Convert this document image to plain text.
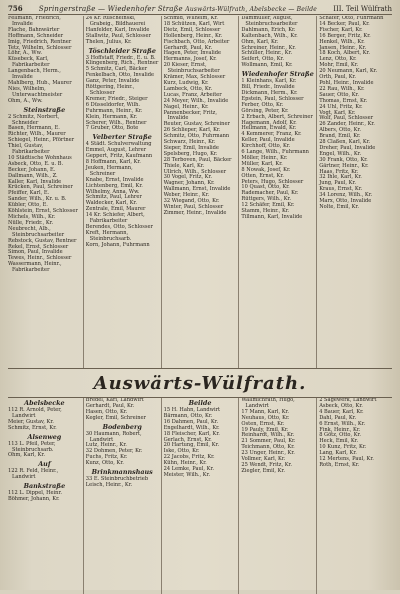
756	Springerstraße — Wiedenhofer Straße Auswärts-Wülfrath, Abelsbecke — Beilde	III. Teil Wülfrath
Fellmann, Friedrich, Invalide
Flache, Bahnwärter
Hoffmann, Schneider
Imig, Friedrich, Rentner
Tetz, Wilhelm, Schlosser
Löhr, A., Ww.
Küsebeck, Karl, Fabrikarbeiter
Langenbach, Herm., Invalide
Mahlberg, Hub., Maurer
Nies, Wilhelm, Unterwachtmeister
Ohm, A., Ww.
Steinstraße
2 Schmitz, Norbert, Schneider
Basen, Hermann, E.
Richter, Wilh., Maurer
Schiegel, Heinr., Pförtner
Thiel, Gustav, Fabrikarbeiter
10 Städtische Wohnhaus
Asbeck, Otto, E. u. B.
Becker, Johann, E.
Dallmann, Wilh., Z.
Kaller, Karl, Invalide
Krücken, Paul, Schreiner
Pfeiffer, Karl, E.
Sander, Wilh., Kr. u. B.
Kübler, Otto, E.
Köhlstein, Ernst, Schlosser
Michels, Wilh., Kr.
Nülle, Friedr., Kr.
Neubrecht, Alb., Steinbruchsarbeiter
Rebstock, Gustav, Rentner
Rekel, Ernst, Schlosser
Simon, Paul, Invalide
Tewes, Heinr., Schlosser
Wassermann, Heinr., Fabrikarbeiter
24 Kr. Ruscheinski, Grabeig., Bildhauerei
Hanfelder, Karl, Invalide
Stallwitz, Paul, Schlosser
Thelen, Julius, Kr.
Töschleider Straße
3 Hoffstaff, Friedr., E. u. B.
Klingenberg, Rich., Rentner
5 Schmitz, Carl, Bäcker
Fenkelbach, Otto, Invalide
Ganz, Peter, Invalide
Röttgering, Heinr., Schlosser
Kremer, Friedr., Steiger
6 Düsseldorfer, Wilh.
Fuhrmann, Heinr., Kr.
Klein, Hermann, Kr.
Scherer, Wilh., Rentner
7 Gruber, Otto, Bote
Velberter Straße
4 Städt. Schulverwaltung
Emmel, August, Lehrer
Geppert, Fritz, Kaufmann
8 Hoffmann, Karl, Kr.
Jeuken, Hermann, Schreiner
Knabe, Ernst, Invalide
Lichtenberg, Emil, Kr.
Wilhelmy, Anna, Ww.
Schmitz, Paul, Lehrer
Waldecker, Karl, Kr.
Zentrale, Emil, Maurer
14 Kr. Schiefer, Albert, Fabrikarbeiter
Berendes, Otto, Schlosser
Kreft, Hermann, Steinbruchsarb.
Korn, Johann, Fuhrmann
Schmid, Wilhelm, Kr.
18 Schützen, Karl, Wirt
Dietz, Emil, Schlosser
Hollenberg, Heinr., Kr.
Fischbach, Otto, Arbeiter
Gerhardt, Paul, Kr.
Hagen, Peter, Invalide
Hermanns, Josef, Kr.
20 Kieser, Ernst, Steinbruchsarbeiter
Krämer, Max, Schlosser
Kurz, Ludwig, Kr.
Lambeck, Otto, Kr.
Lucas, Franz, Arbeiter
24 Meyer, Wilh., Invalide
Nagel, Heinr., Kr.
Pannenbecker, Fritz, Invalide
Reuter, Gustav, Schreiner
26 Schlieper, Karl, Kr.
Schmitz, Otto, Fuhrmann
Schwarz, Heinr., Kr.
Sieper, Emil, Invalide
Spelsberg, Hugo, Kr.
28 Terboven, Paul, Bäcker
Thiele, Karl, Kr.
Ullrich, Wilh., Schlosser
30 Vogel, Fritz, Kr.
Wagner, Johann, Kr.
Wallmann, Ernst, Invalide
Weber, Heinr., Kr.
32 Wiegand, Otto, Kr.
Winter, Paul, Schlosser
Zimmer, Heinr., Invalide
Dammüller, August, Steinbruchsarbeiter
Dahlmann, Erich, Kr.
Kaltenbach, Wilh., Kr.
Ohm, Karl, Kr.
Schreiner, Heinr., Kr.
Schüller, Heinr., Kr.
Seifert, Otto, Kr.
Wollmann, Emil, Kr.
Wiedenhofer Straße
1 Kleinhans, Karl, Kr.
Bill, Friedr., Invalide
Dickmann, Herm., Kr.
Epstein, Paul, Schlosser
Ferber, Otto, Kr.
Görsing, Peter, Kr.
2 Erbach, Albert, Schreiner
Hagemann, Adolf, Kr.
Hellmann, Ewald, Kr.
4 Kemmerer, Franz, Kr.
Keller, Paul, Invalide
Kirchhoff, Otto, Kr.
6 Lange, Wilh., Fuhrmann
Möller, Heinr., Kr.
Müller, Karl, Kr.
8 Nowak, Josef, Kr.
Otten, Ernst, Kr.
Peters, Hugo, Schlosser
10 Quast, Otto, Kr.
Rademacher, Paul, Kr.
Rüttgers, Wilh., Kr.
12 Schäfer, Emil, Kr.
Stamm, Heinr., Kr.
Tillmann, Karl, Invalide
Schäfer, Otto, Fuhrmann
14 Becker, Paul, Kr.
Fischer, Karl, Kr.
16 Berger, Fritz, Kr.
Henkel, Wilh., Kr.
Jansen, Heinr., Kr.
18 Koch, Albert, Kr.
Lenz, Otto, Kr.
Mohr, Emil, Kr.
20 Neumann, Karl, Kr.
Orth, Paul, Kr.
Pohl, Heinr., Invalide
22 Rau, Wilh., Kr.
Sauer, Otto, Kr.
Thomas, Ernst, Kr.
24 Uhl, Fritz, Kr.
Vogt, Karl, Kr.
Wolf, Paul, Schlosser
26 Zander, Heinr., Kr.
Albers, Otto, Kr.
Brand, Emil, Kr.
28 Claßen, Karl, Kr.
Dreher, Paul, Invalide
Engel, Wilh., Kr.
30 Frank, Otto, Kr.
Gärtner, Heinr., Kr.
Haas, Fritz, Kr.
32 Ihle, Karl, Kr.
Jung, Paul, Kr.
Kraus, Ernst, Kr.
34 Lorenz, Wilh., Kr.
Marx, Otto, Invalide
Nolte, Emil, Kr.
Auswärts-Wülfrath.
Abelsbecke
112 R. Arnold, Peter, Landwirt
Meier, Gustav, Kr.
Schmitz, Ernst, Kr.
Alsenweg
113 L. Pfeil, Peter, Steinbruchsarb.
Ohm, Karl, Kr.
Auf
122 R. Feld, Heinr., Landwirt
Bankstraße
112 L. Dippel, Heinr.
Böhmer, Johann, Kr.
Bredel, Karl, Landwirt
Gerhardt, Paul, Kr.
Hasen, Otto, Kr.
Kegler, Emil, Schreiner
Bodenberg
30 Haumann, Robert, Landwirt
Lutz, Heinr., Kr.
32 Dohmen, Peter, Kr.
Fuchs, Fritz, Kr.
Kunz, Otto, Kr.
Brinkmannshaus
33 E. Steinbruchbetrieb
Leisch, Heinr., Kr.
Beilde
15 H. Hahn, Landwirt
Bärmann, Otto, Kr.
16 Dahmen, Paul, Kr.
Engelhardt, Wilh., Kr.
18 Fleischer, Karl, Kr.
Gerlach, Ernst, Kr.
20 Hartung, Emil, Kr.
Iske, Otto, Kr.
22 Jacobs, Fritz, Kr.
Kühn, Heinr., Kr.
24 Lemke, Paul, Kr.
Meister, Wilh., Kr.
Wallmichrath, Hugo, Landwirt
17 Mann, Karl, Kr.
Neuhaus, Otto, Kr.
Osten, Ernst, Kr.
19 Pauly, Emil, Kr.
Reinhardt, Wilh., Kr.
21 Sommer, Paul, Kr.
Teichmann, Otto, Kr.
23 Unger, Heinr., Kr.
Vollmer, Karl, Kr.
25 Wendt, Fritz, Kr.
Ziegler, Emil, Kr.
2 Sägewerk, Landwirt
Asbeck, Otto, Kr.
4 Bauer, Karl, Kr.
Dahl, Paul, Kr.
6 Ernst, Wilh., Kr.
Fink, Heinr., Kr.
8 Götz, Otto, Kr.
Heck, Emil, Kr.
10 Kunz, Fritz, Kr.
Lang, Karl, Kr.
12 Mertens, Paul, Kr.
Roth, Ernst, Kr.
